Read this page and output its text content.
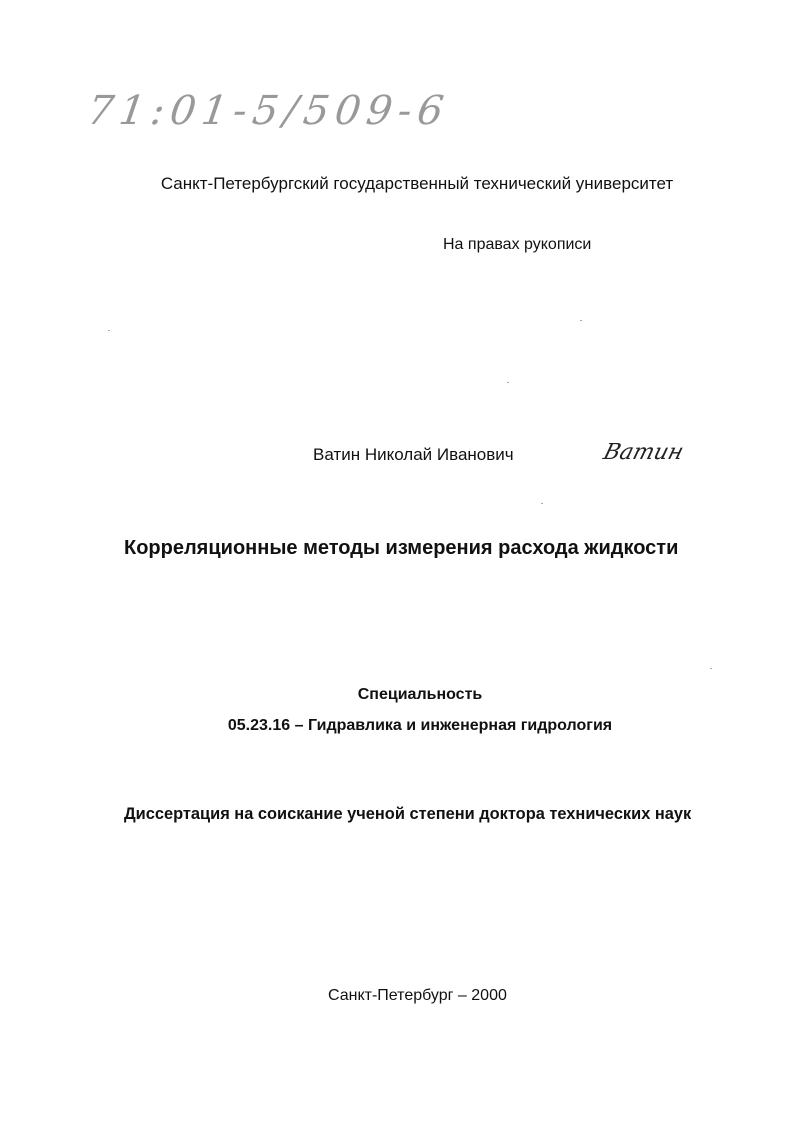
71:01-5/509-6
Санкт-Петербургский государственный технический университет
На правах рукописи
Ватин Николай Иванович	Ватин
Корреляционные методы измерения расхода жидкости
Специальность
05.23.16 – Гидравлика и инженерная гидрология
Диссертация на соискание ученой степени доктора технических наук
Санкт-Петербург – 2000
